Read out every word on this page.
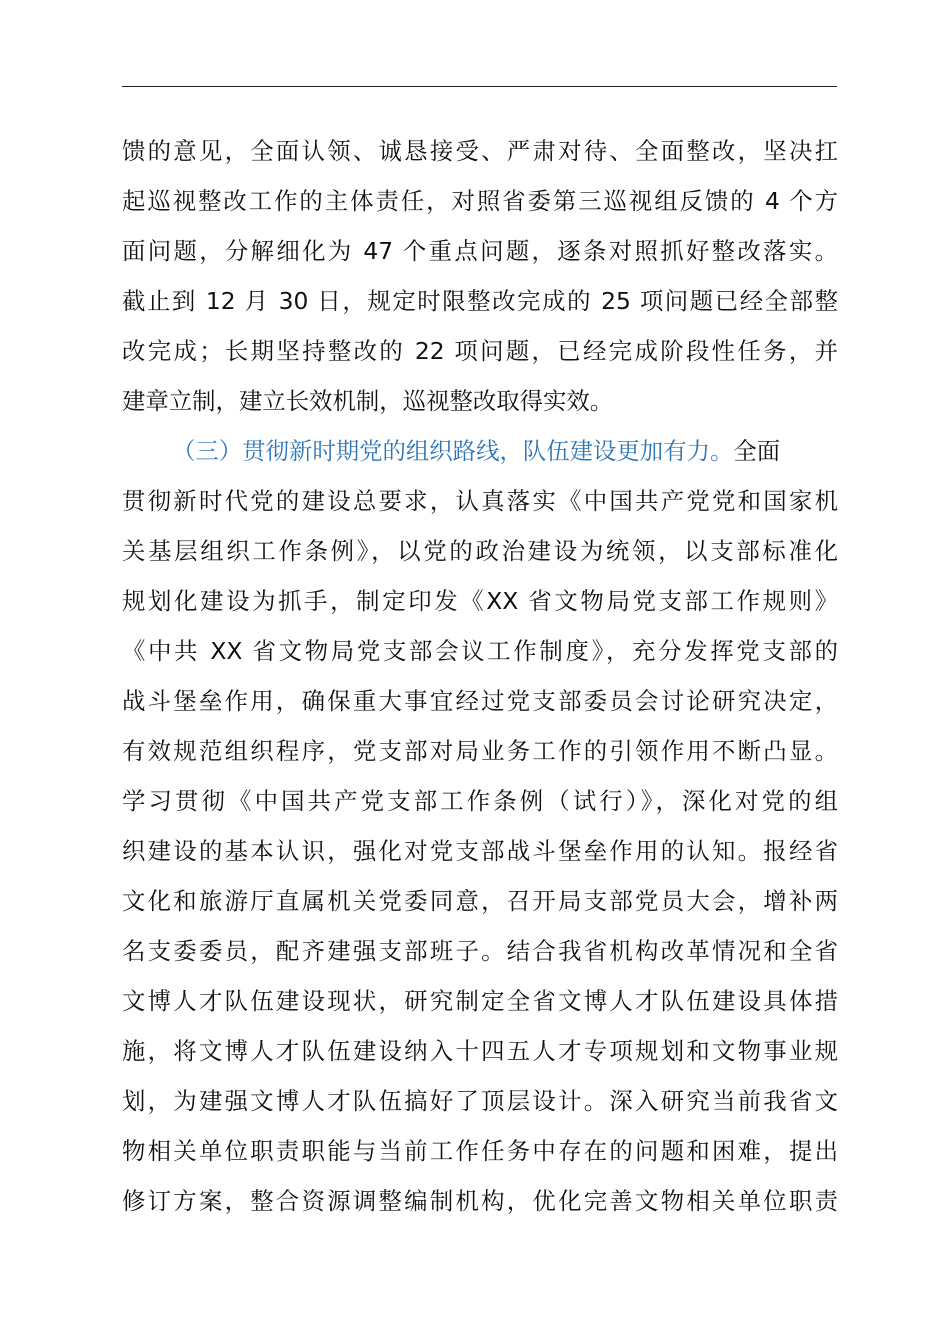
馈的意见，全面认领、诚恳接受、严肃对待、全面整改，坚决扛
起巡视整改工作的主体责任，对照省委第三巡视组反馈的 4 个方
面问题，分解细化为 47 个重点问题，逐条对照抓好整改落实。
截止到 12 月 30 日，规定时限整改完成的 25 项问题已经全部整
改完成；长期坚持整改的 22 项问题，已经完成阶段性任务，并
建章立制，建立长效机制，巡视整改取得实效。
（三）贯彻新时期党的组织路线，队伍建设更加有力。全面
贯彻新时代党的建设总要求，认真落实《中国共产党党和国家机
关基层组织工作条例》，以党的政治建设为统领，以支部标准化
规划化建设为抓手，制定印发《XX 省文物局党支部工作规则》
《中共 XX 省文物局党支部会议工作制度》，充分发挥党支部的
战斗堡垒作用，确保重大事宜经过党支部委员会讨论研究决定，
有效规范组织程序，党支部对局业务工作的引领作用不断凸显。
学习贯彻《中国共产党支部工作条例（试行）》，深化对党的组
织建设的基本认识，强化对党支部战斗堡垒作用的认知。报经省
文化和旅游厅直属机关党委同意，召开局支部党员大会，增补两
名支委委员，配齐建强支部班子。结合我省机构改革情况和全省
文博人才队伍建设现状，研究制定全省文博人才队伍建设具体措
施，将文博人才队伍建设纳入十四五人才专项规划和文物事业规
划，为建强文博人才队伍搞好了顶层设计。深入研究当前我省文
物相关单位职责职能与当前工作任务中存在的问题和困难，提出
修订方案，整合资源调整编制机构，优化完善文物相关单位职责
